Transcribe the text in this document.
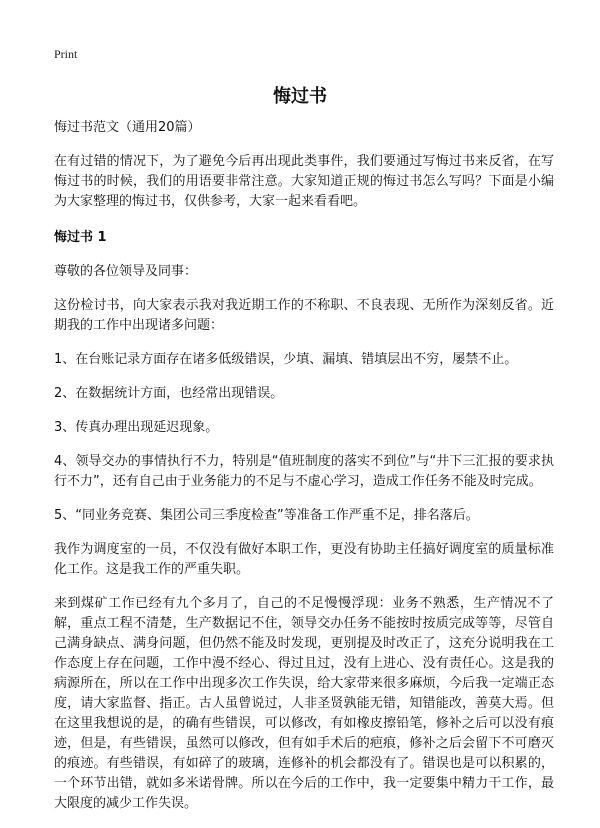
Print
悔过书

悔过书范文（通用20篇）

在有过错的情况下，为了避免今后再出现此类事件，我们要通过写悔过书来反省，在写悔过书的时候，我们的用语要非常注意。大家知道正规的悔过书怎么写吗？下面是小编为大家整理的悔过书，仅供参考，大家一起来看看吧。

悔过书 1

尊敬的各位领导及同事：

这份检讨书，向大家表示我对我近期工作的不称职、不良表现、无所作为深刻反省。近期我的工作中出现诸多问题：

1、在台账记录方面存在诸多低级错误，少填、漏填、错填层出不穷，屡禁不止。

2、在数据统计方面，也经常出现错误。

3、传真办理出现延迟现象。

4、领导交办的事情执行不力，特别是“值班制度的落实不到位”与“井下三汇报的要求执行不力”，还有自己由于业务能力的不足与不虚心学习，造成工作任务不能及时完成。

5、“同业务竞赛、集团公司三季度检查”等准备工作严重不足，排名落后。

我作为调度室的一员，不仅没有做好本职工作，更没有协助主任搞好调度室的质量标准化工作。这是我工作的严重失职。

来到煤矿工作已经有九个多月了，自己的不足慢慢浮现：业务不熟悉，生产情况不了解，重点工程不清楚，生产数据记不住，领导交办任务不能按时按质完成等等，尽管自己满身缺点、满身问题，但仍然不能及时发现，更别提及时改正了，这充分说明我在工作态度上存在问题，工作中漫不经心、得过且过，没有上进心、没有责任心。这是我的病源所在，所以在工作中出现多次工作失误，给大家带来很多麻烦，今后我一定端正态度，请大家监督、指正。古人虽曾说过，人非圣贤孰能无错，知错能改，善莫大焉。但在这里我想说的是，的确有些错误，可以修改，有如橡皮擦铅笔，修补之后可以没有痕迹，但是，有些错误，虽然可以修改，但有如手术后的疤痕，修补之后会留下不可磨灭的痕迹。有些错误，有如碎了的玻璃，连修补的机会都没有了。错误也是可以积累的，一个环节出错，就如多米诺骨牌。所以在今后的工作中，我一定要集中精力干工作，最大限度的减少工作失误。
